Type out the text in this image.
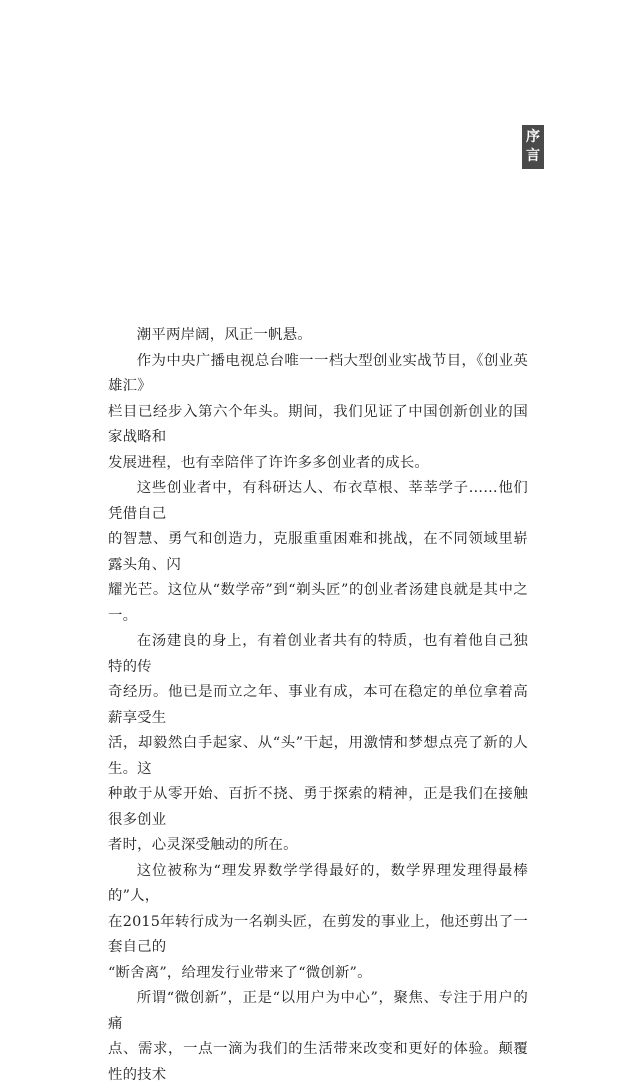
序
言

潮平两岸阔，风正一帆悬。

作为中央广播电视总台唯一一档大型创业实战节目，《创业英雄汇》
栏目已经步入第六个年头。期间，我们见证了中国创新创业的国家战略和
发展进程，也有幸陪伴了许许多多创业者的成长。

这些创业者中，有科研达人、布衣草根、莘莘学子……他们凭借自己
的智慧、勇气和创造力，克服重重困难和挑战，在不同领域里崭露头角、闪
耀光芒。这位从“数学帝”到“剃头匠”的创业者汤建良就是其中之一。

在汤建良的身上，有着创业者共有的特质，也有着他自己独特的传
奇经历。他已是而立之年、事业有成，本可在稳定的单位拿着高薪享受生
活，却毅然白手起家、从“头”干起，用激情和梦想点亮了新的人生。这
种敢于从零开始、百折不挠、勇于探索的精神，正是我们在接触很多创业
者时，心灵深受触动的所在。

这位被称为“理发界数学学得最好的，数学界理发理得最棒的”人，
在2015年转行成为一名剃头匠，在剪发的事业上，他还剪出了一套自己的
“断舍离”，给理发行业带来了“微创新”。

所谓“微创新”，正是“以用户为中心”，聚焦、专注于用户的痛
点、需求，一点一滴为我们的生活带来改变和更好的体验。颠覆性的技术
